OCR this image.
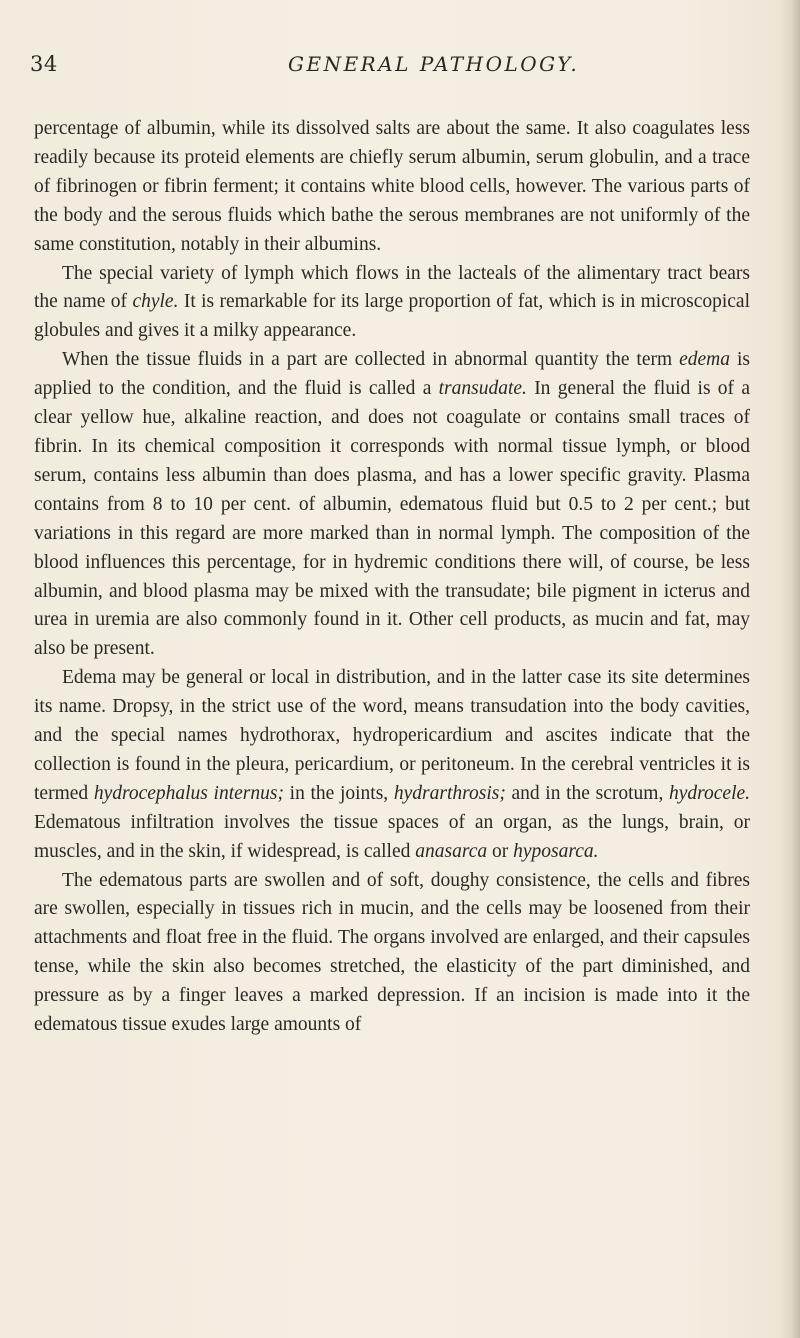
34	GENERAL PATHOLOGY.

percentage of albumin, while its dissolved salts are about the same. It also coagulates less readily because its proteid elements are chiefly serum albumin, serum globulin, and a trace of fibrinogen or fibrin ferment; it contains white blood cells, however. The various parts of the body and the serous fluids which bathe the serous membranes are not uniformly of the same constitution, notably in their albumins.

The special variety of lymph which flows in the lacteals of the alimentary tract bears the name of chyle. It is remarkable for its large proportion of fat, which is in microscopical globules and gives it a milky appearance.

When the tissue fluids in a part are collected in abnormal quantity the term edema is applied to the condition, and the fluid is called a transudate. In general the fluid is of a clear yellow hue, alkaline reaction, and does not coagulate or contains small traces of fibrin. In its chemical composition it corresponds with normal tissue lymph, or blood serum, contains less albumin than does plasma, and has a lower specific gravity. Plasma contains from 8 to 10 per cent. of albumin, edematous fluid but 0.5 to 2 per cent.; but variations in this regard are more marked than in normal lymph. The composition of the blood influences this percentage, for in hydremic conditions there will, of course, be less albumin, and blood plasma may be mixed with the transudate; bile pigment in icterus and urea in uremia are also commonly found in it. Other cell products, as mucin and fat, may also be present.

Edema may be general or local in distribution, and in the latter case its site determines its name. Dropsy, in the strict use of the word, means transudation into the body cavities, and the special names hydrothorax, hydropericardium and ascites indicate that the collection is found in the pleura, pericardium, or peritoneum. In the cerebral ventricles it is termed hydrocephalus internus; in the joints, hydrarthrosis; and in the scrotum, hydrocele. Edematous infiltration involves the tissue spaces of an organ, as the lungs, brain, or muscles, and in the skin, if widespread, is called anasarca or hyposarca.

The edematous parts are swollen and of soft, doughy consistence, the cells and fibres are swollen, especially in tissues rich in mucin, and the cells may be loosened from their attachments and float free in the fluid. The organs involved are enlarged, and their capsules tense, while the skin also becomes stretched, the elasticity of the part diminished, and pressure as by a finger leaves a marked depression. If an incision is made into it the edematous tissue exudes large amounts of
